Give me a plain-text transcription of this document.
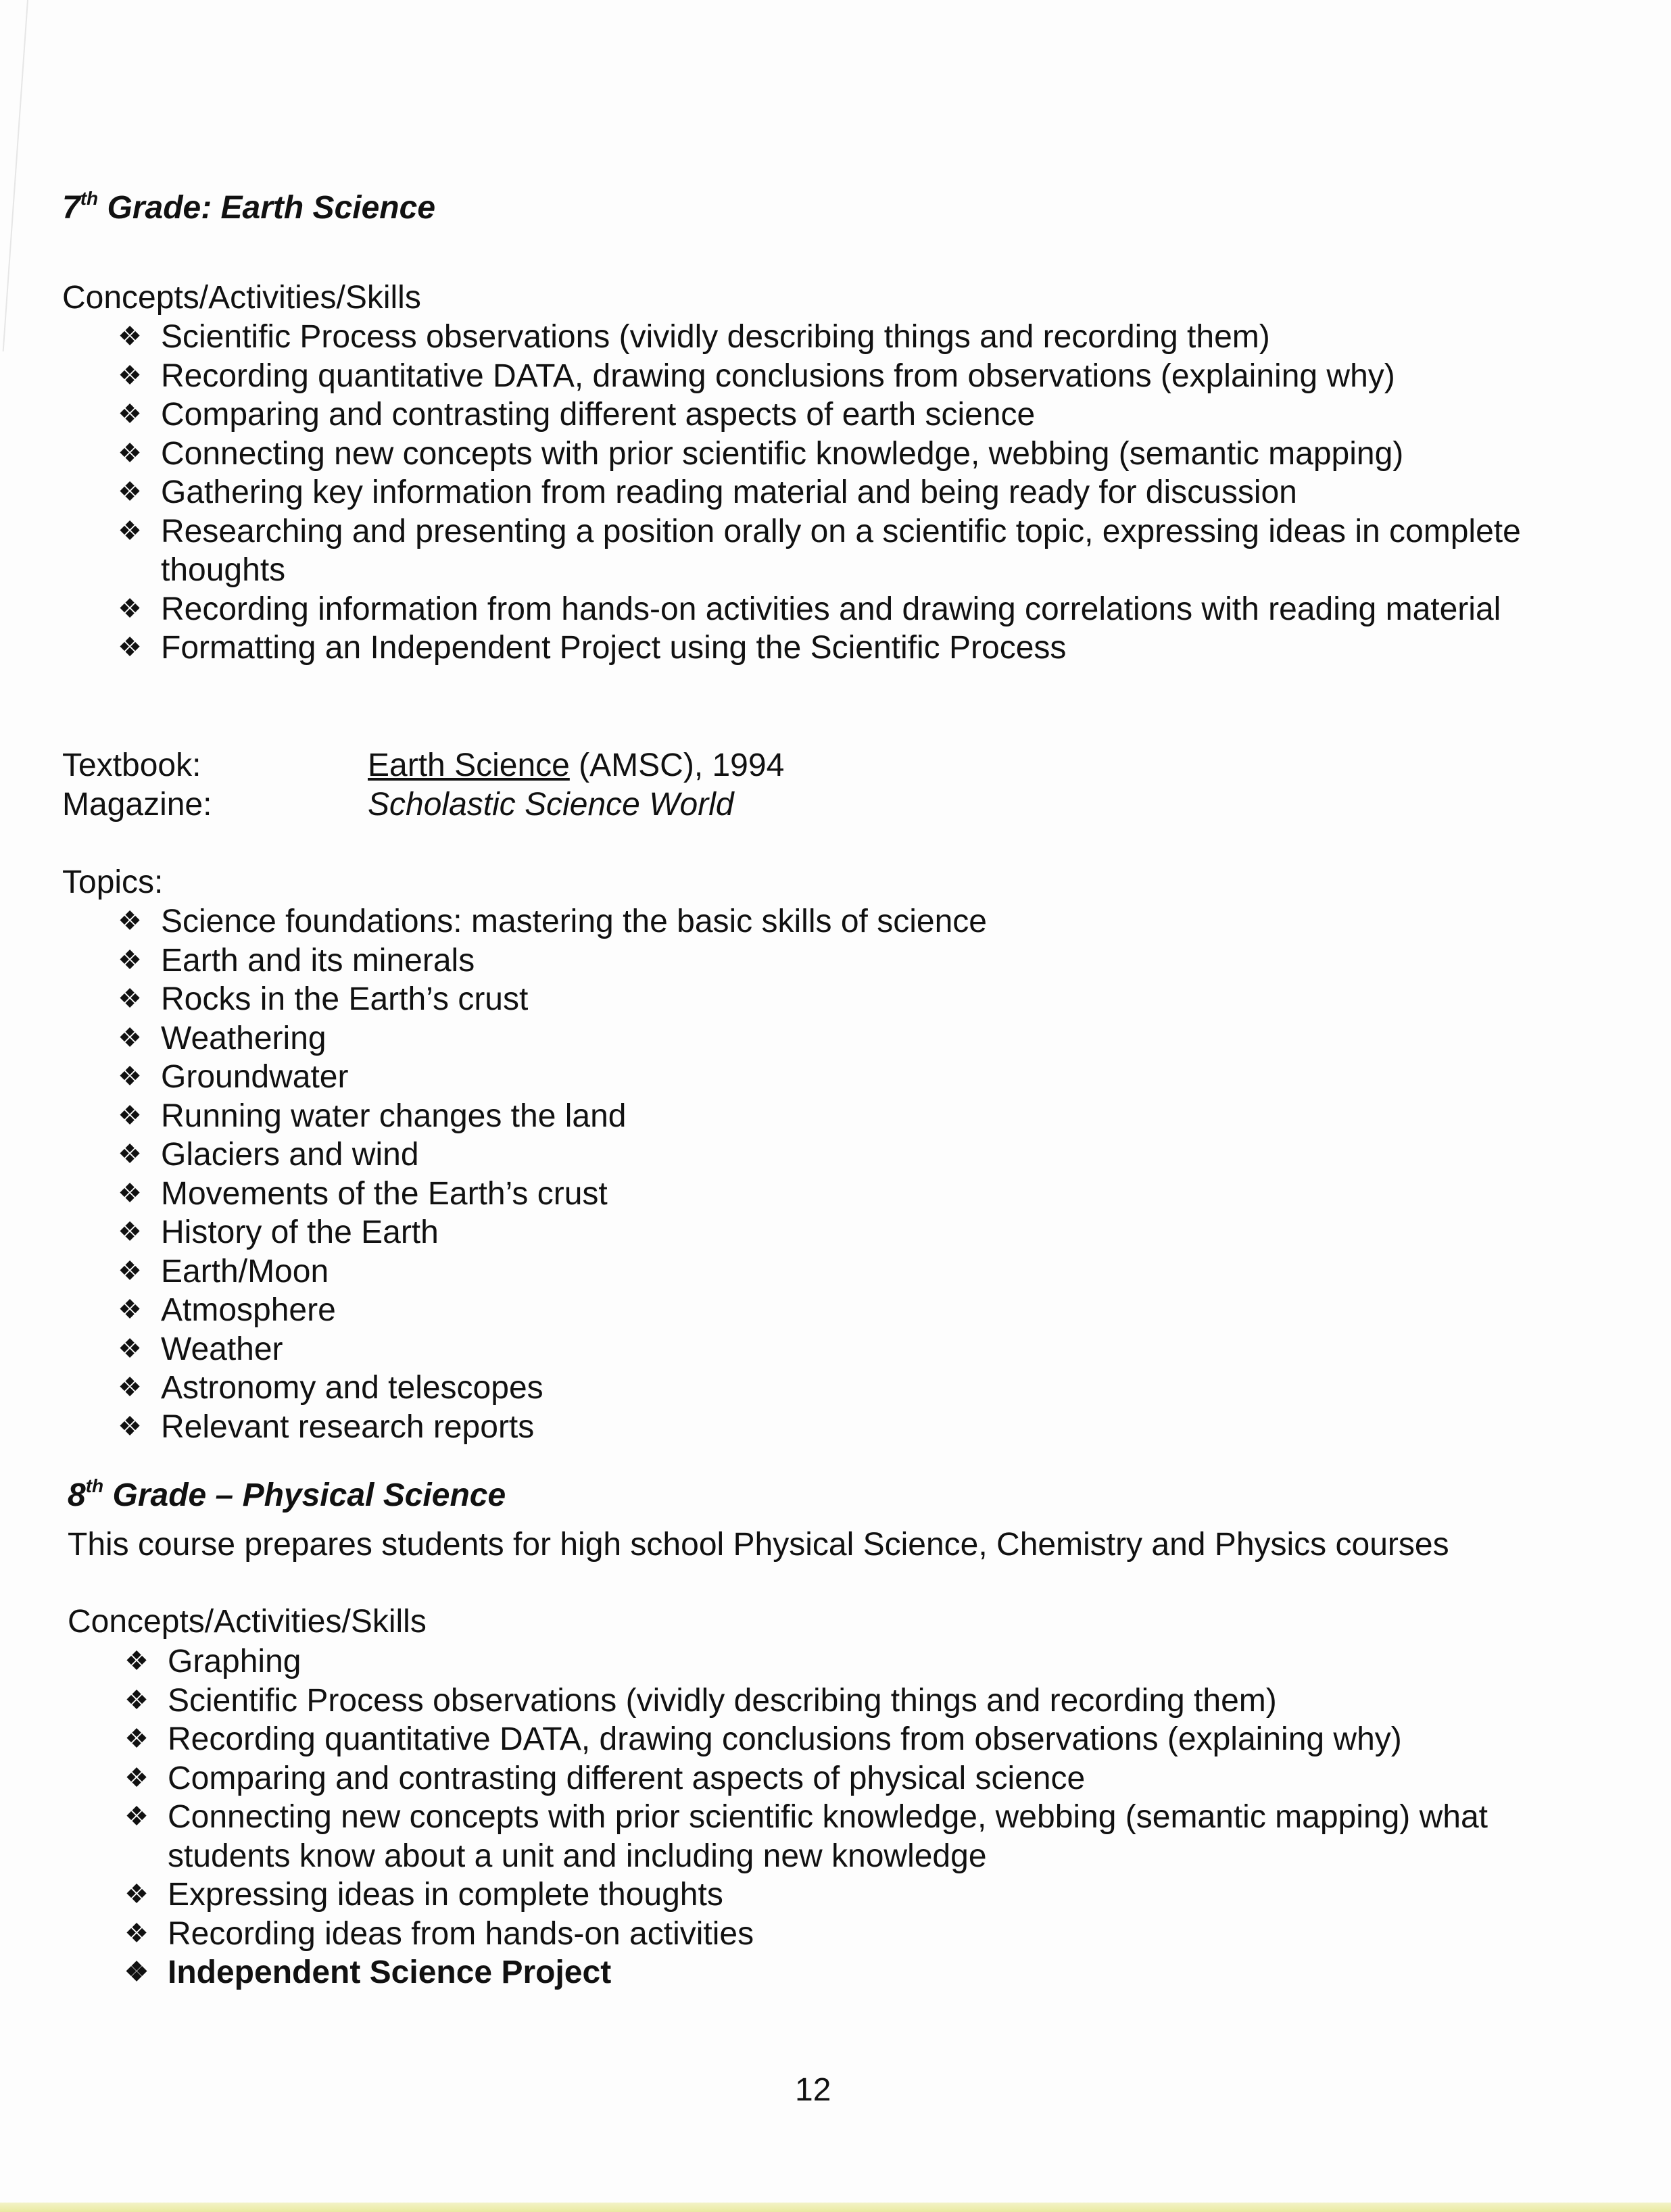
7th Grade: Earth Science
Concepts/Activities/Skills
❖ Scientific Process observations (vividly describing things and recording them)
❖ Recording quantitative DATA, drawing conclusions from observations (explaining why)
❖ Comparing and contrasting different aspects of earth science
❖ Connecting new concepts with prior scientific knowledge, webbing (semantic mapping)
❖ Gathering key information from reading material and being ready for discussion
❖ Researching and presenting a position orally on a scientific topic, expressing ideas in complete thoughts
❖ Recording information from hands-on activities and drawing correlations with reading material
❖ Formatting an Independent Project using the Scientific Process
Textbook:	Earth Science (AMSC), 1994
Magazine:	Scholastic Science World
Topics:
❖ Science foundations: mastering the basic skills of science
❖ Earth and its minerals
❖ Rocks in the Earth’s crust
❖ Weathering
❖ Groundwater
❖ Running water changes the land
❖ Glaciers and wind
❖ Movements of the Earth’s crust
❖ History of the Earth
❖ Earth/Moon
❖ Atmosphere
❖ Weather
❖ Astronomy and telescopes
❖ Relevant research reports
8th Grade – Physical Science
This course prepares students for high school Physical Science, Chemistry and Physics courses
Concepts/Activities/Skills
❖ Graphing
❖ Scientific Process observations (vividly describing things and recording them)
❖ Recording quantitative DATA, drawing conclusions from observations (explaining why)
❖ Comparing and contrasting different aspects of physical science
❖ Connecting new concepts with prior scientific knowledge, webbing (semantic mapping) what students know about a unit and including new knowledge
❖ Expressing ideas in complete thoughts
❖ Recording ideas from hands-on activities
❖ Independent Science Project
12
